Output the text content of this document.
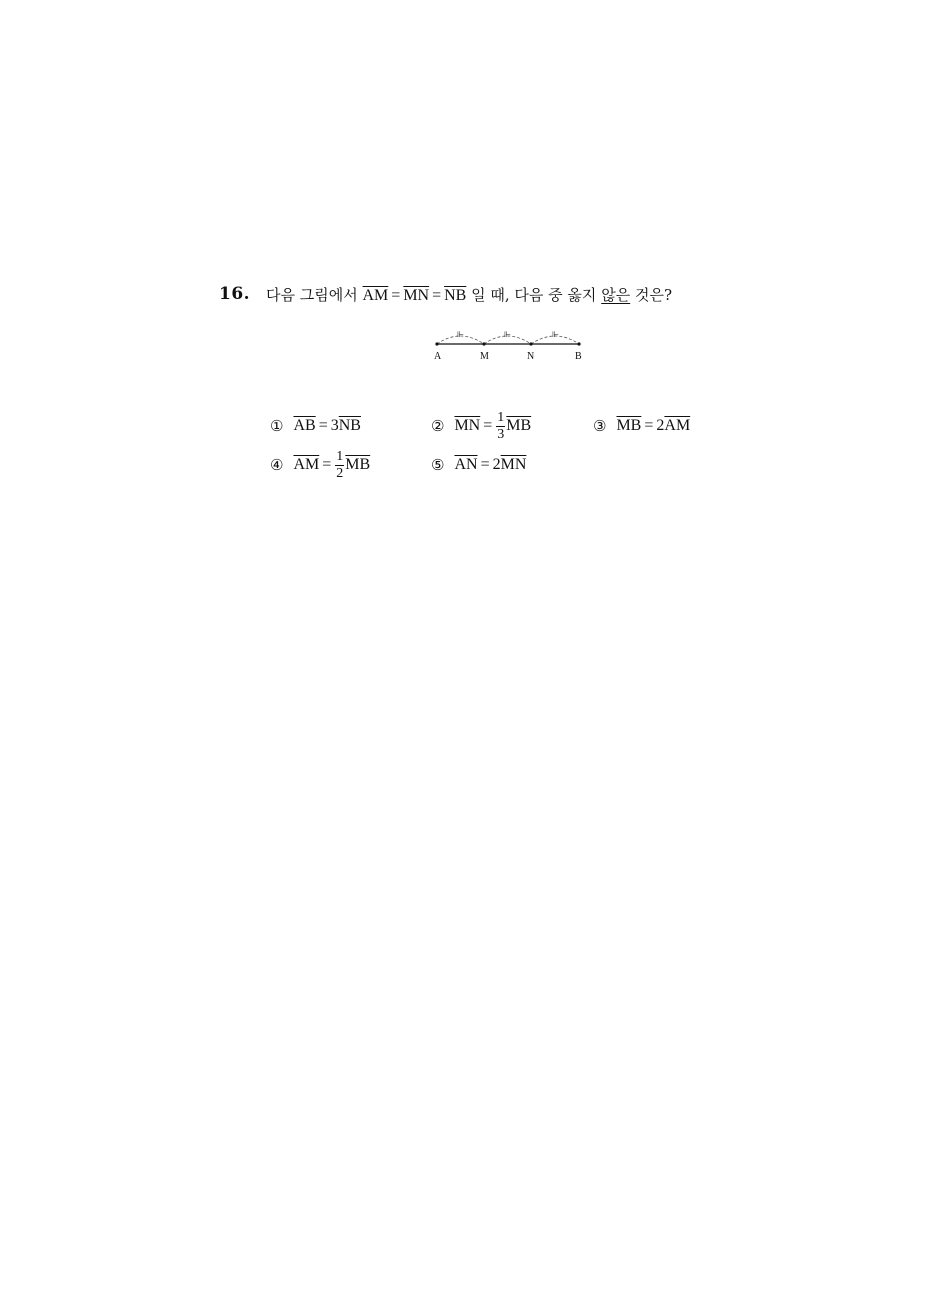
16. 다음 그림에서 $\overline{AM} = \overline{MN} = \overline{NB}$ 일 때, 다음 중 옳지 않은 것은?
⊩	⊩	⊩
A	M	N	B
① $\overline{AB} = 3$ $\overline{NB}$	② $\overline{MN} = \frac{1}{3} \overline{MB}$	③ $\overline{MB} = 2$ $\overline{AM}$
④ $\overline{AM} = \frac{1}{2} \overline{MB}$	⑤ $\overline{AN} = 2$ $\overline{MN}$
